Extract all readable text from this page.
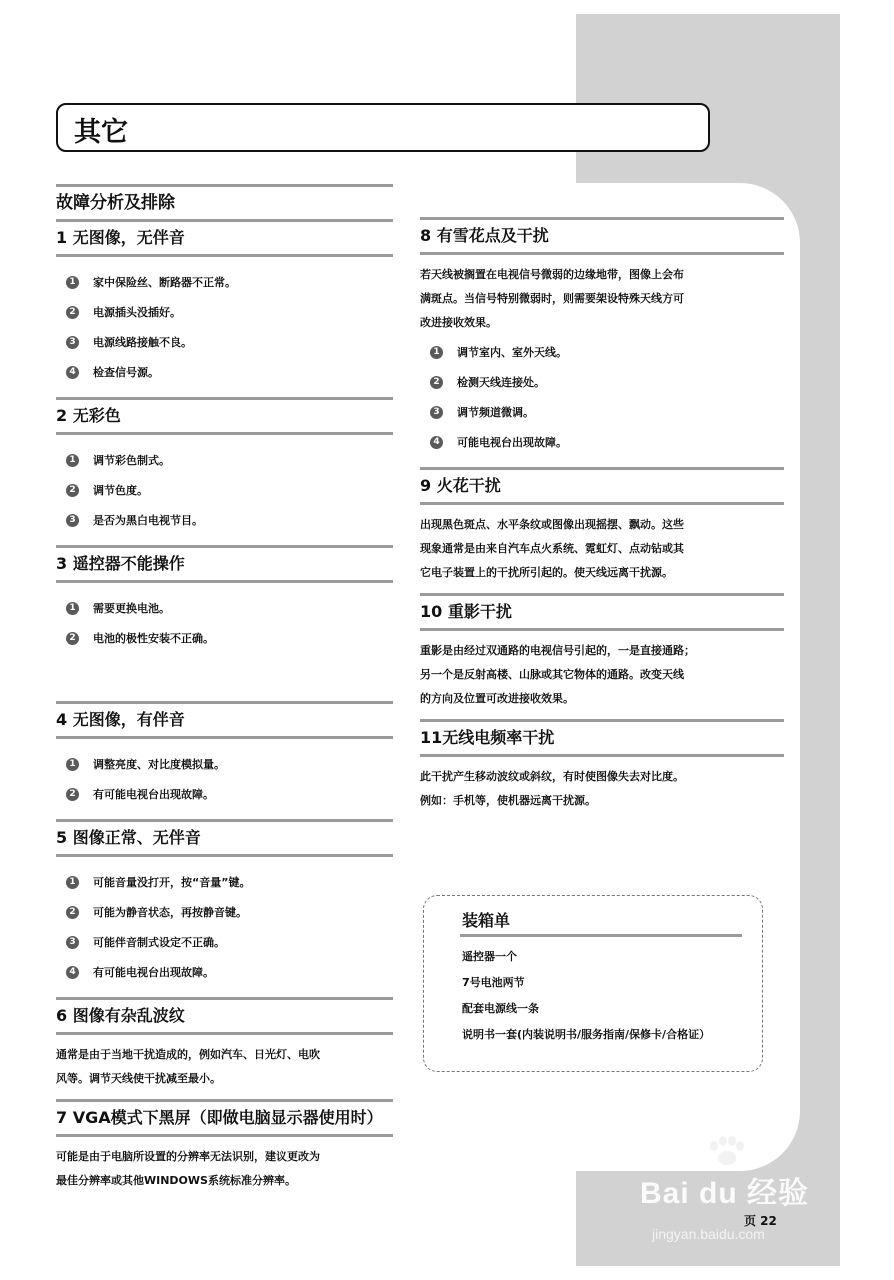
其它
故障分析及排除
1 无图像，无伴音
1	家中保险丝、断路器不正常。
2	电源插头没插好。
3	电源线路接触不良。
4	检查信号源。
2 无彩色
1	调节彩色制式。
2	调节色度。
3	是否为黑白电视节目。
3 遥控器不能操作
1	需要更换电池。
2	电池的极性安装不正确。
4 无图像，有伴音
1	调整亮度、对比度模拟量。
2	有可能电视台出现故障。
5 图像正常、无伴音
1	可能音量没打开，按“音量”键。
2	可能为静音状态，再按静音键。
3	可能伴音制式设定不正确。
4	有可能电视台出现故障。
6 图像有杂乱波纹
通常是由于当地干扰造成的，例如汽车、日光灯、电吹
风等。调节天线使干扰减至最小。
7 VGA模式下黑屏（即做电脑显示器使用时）
可能是由于电脑所设置的分辨率无法识别，建议更改为
最佳分辨率或其他WINDOWS系统标准分辨率。
8 有雪花点及干扰
若天线被搁置在电视信号微弱的边缘地带，图像上会布
满斑点。当信号特别微弱时，则需要架设特殊天线方可
改进接收效果。
1	调节室内、室外天线。
2	检测天线连接处。
3	调节频道微调。
4	可能电视台出现故障。
9 火花干扰
出现黑色斑点、水平条纹或图像出现摇摆、飘动。这些
现象通常是由来自汽车点火系统、霓虹灯、点动钻或其
它电子装置上的干扰所引起的。使天线远离干扰源。
10 重影干扰
重影是由经过双通路的电视信号引起的，一是直接通路；
另一个是反射高楼、山脉或其它物体的通路。改变天线
的方向及位置可改进接收效果。
11无线电频率干扰
此干扰产生移动波纹或斜纹，有时使图像失去对比度。
例如：手机等，使机器远离干扰源。
装箱单
遥控器一个
7号电池两节
配套电源线一条
说明书一套(内装说明书/服务指南/保修卡/合格证）
Bai du 经验
jingyan.baidu.com
页 22
